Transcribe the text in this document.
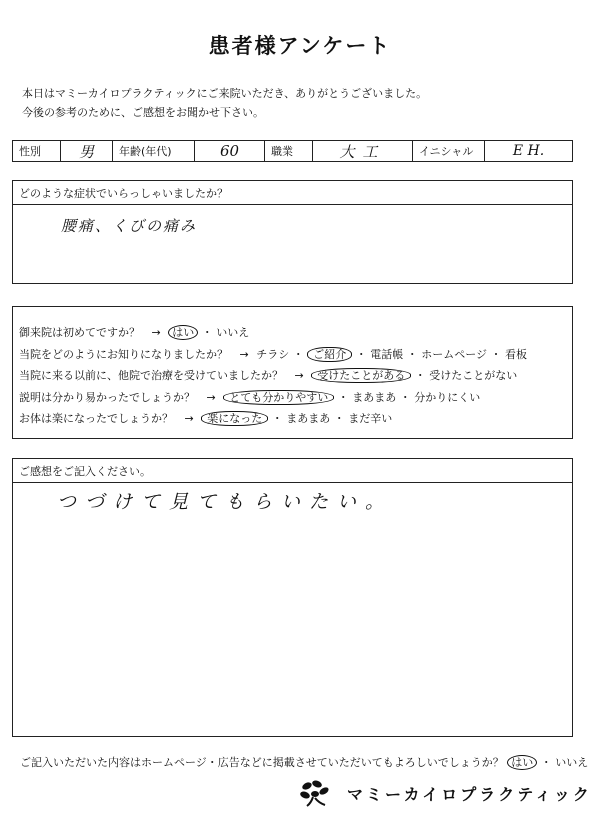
患者様アンケート
本日はマミーカイロプラクティックにご来院いただき、ありがとうございました。
今後の参考のために、ご感想をお聞かせ下さい。
性別	男	年齢(年代)	60	職業	大工	イニシャル	E H.
どのような症状でいらっしゃいましたか？
腰痛、くびの痛み
御来院は初めてですか？ → はい ・ いいえ
当院をどのようにお知りになりましたか？ → チラシ ・ ご紹介 ・ 電話帳 ・ ホームページ ・ 看板
当院に来る以前に、他院で治療を受けていましたか？ → 受けたことがある ・ 受けたことがない
説明は分かり易かったでしょうか？ → とても分かりやすい ・ まあまあ ・ 分かりにくい
お体は楽になったでしょうか？ → 楽になった ・ まあまあ ・ まだ辛い
ご感想をご記入ください。
つづけて見てもらいたい。
ご記入いただいた内容はホームページ・広告などに掲載させていただいてもよろしいでしょうか？ はい ・ いいえ
マミーカイロプラクティック
